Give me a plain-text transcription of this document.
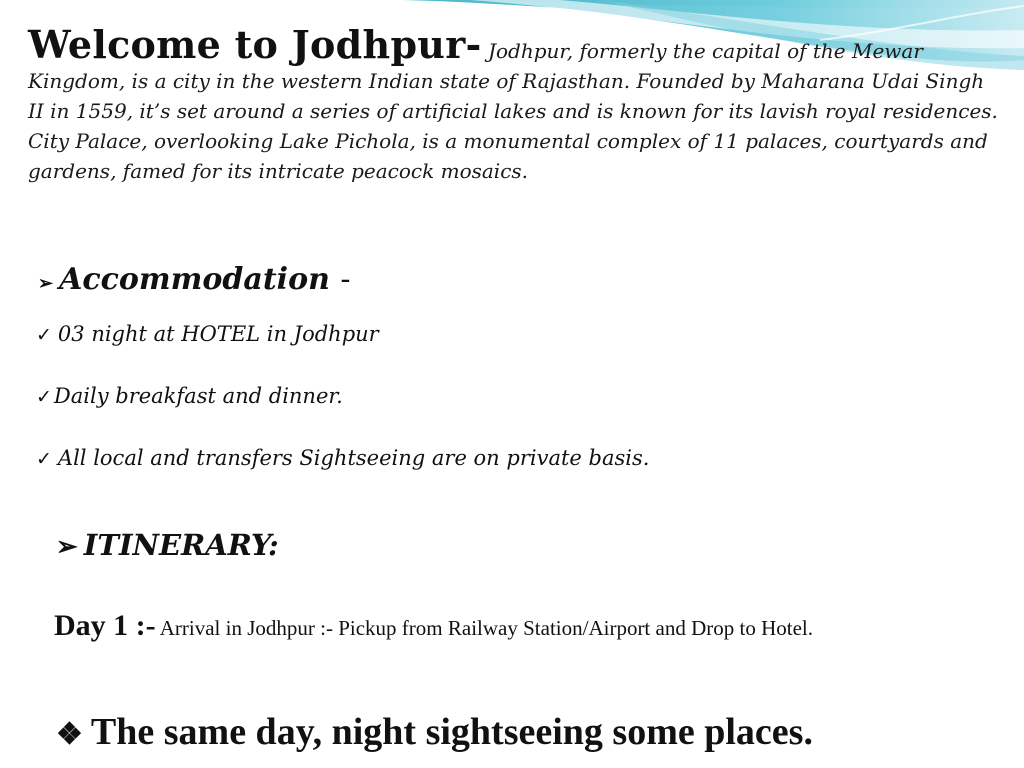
Welcome to Jodhpur- Jodhpur, formerly the capital of the Mewar Kingdom, is a city in the western Indian state of Rajasthan. Founded by Maharana Udai Singh II in 1559, it’s set around a series of artificial lakes and is known for its lavish royal residences. City Palace, overlooking Lake Pichola, is a monumental complex of 11 palaces, courtyards and gardens, famed for its intricate peacock mosaics.
➢ Accommodation -
✓ 03 night at HOTEL in Jodhpur
✓Daily breakfast and dinner.
✓ All local and transfers Sightseeing are on private basis.
➢ ITINERARY:
Day 1 :- Arrival in Jodhpur :- Pickup from Railway Station/Airport and Drop to Hotel.
❖ The same day, night sightseeing some places.
